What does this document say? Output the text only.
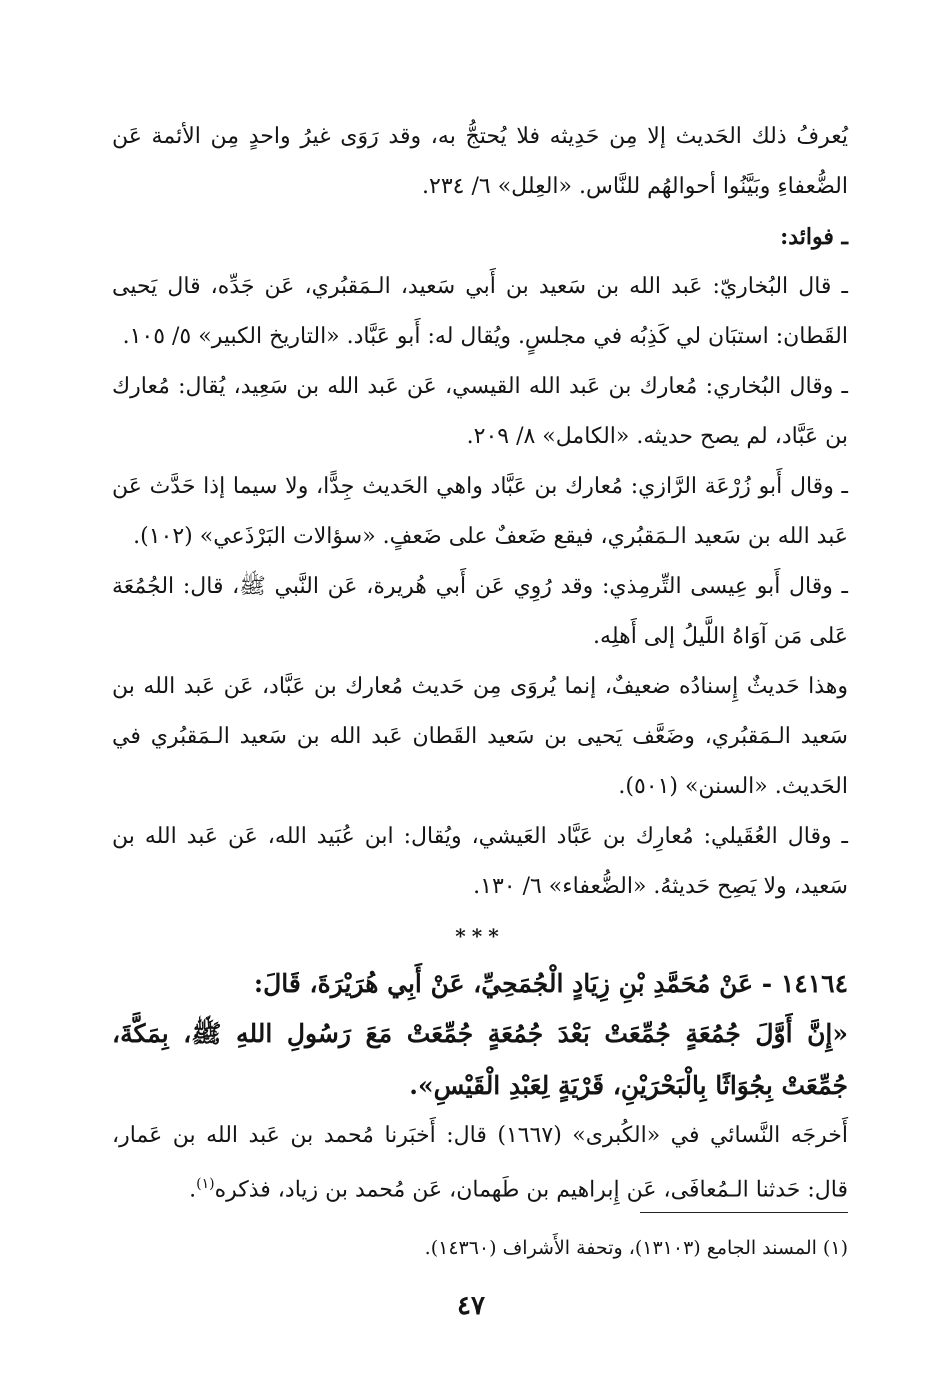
يُعرفُ ذلك الحَديث إلا مِن حَدِيثه فلا يُحتجُّ به، وقد رَوَى غيرُ واحدٍ مِن الأئمة عَن الضُّعفاءِ وبَيَّنُوا أحوالهُم للنَّاس. «العِلل» ٦/ ٢٣٤.

ـ فوائد:

ـ قال البُخاريّ: عَبد الله بن سَعيد بن أَبي سَعيد، الـمَقبُري، عَن جَدِّه، قال يَحيى القَطان: استبَان لي كَذِبُه في مجلسٍ. ويُقال له: أَبو عَبَّاد. «التاريخ الكبير» ٥/ ١٠٥.

ـ وقال البُخاري: مُعارك بن عَبد الله القيسي، عَن عَبد الله بن سَعِيد، يُقال: مُعارك بن عَبَّاد، لم يصح حديثه. «الكامل» ٨/ ٢٠٩.

ـ وقال أَبو زُرْعَة الرَّازي: مُعارك بن عَبَّاد واهي الحَديث جِدًّا، ولا سيما إذا حَدَّث عَن عَبد الله بن سَعيد الـمَقبُري، فيقع ضَعفٌ على ضَعفٍ. «سؤالات البَرْذَعي» (١٠٢).

ـ وقال أَبو عِيسى التِّرمِذي: وقد رُوِي عَن أَبي هُريرة، عَن النَّبي ﷺ، قال: الجُمُعَة عَلى مَن آوَاهُ اللَّيلُ إلى أَهلِه.

وهذا حَديثٌ إِسنادُه ضعيفٌ، إنما يُروَى مِن حَديث مُعارك بن عَبَّاد، عَن عَبد الله بن سَعيد الـمَقبُري، وضَعَّف يَحيى بن سَعيد القَطان عَبد الله بن سَعيد الـمَقبُري في الحَديث. «السنن» (٥٠١).

ـ وقال العُقَيلي: مُعارِك بن عَبَّاد العَيشي، ويُقال: ابن عُبَيد الله، عَن عَبد الله بن سَعيد، ولا يَصِح حَديثهُ. «الضُّعفاء» ٦/ ١٣٠.

***

١٤١٦٤ - عَنْ مُحَمَّدِ بْنِ زِيَادٍ الْجُمَحِيِّ، عَنْ أَبِي هُرَيْرَةَ، قَالَ:

«إِنَّ أَوَّلَ جُمُعَةٍ جُمِّعَتْ بَعْدَ جُمُعَةٍ جُمِّعَتْ مَعَ رَسُولِ اللهِ ﷺ، بِمَكَّةَ، جُمِّعَتْ بِجُوَاثًا بِالْبَحْرَيْنِ، قَرْيَةٍ لِعَبْدِ الْقَيْسِ».

أَخرجَه النَّسائي في «الكُبرى» (١٦٦٧) قال: أَخبَرنا مُحمد بن عَبد الله بن عَمار، قال: حَدثنا الـمُعافَى، عَن إِبراهيم بن طَهمان، عَن مُحمد بن زياد، فذكره$^{(١)}$.

(١) المسند الجامع (١٣١٠٣)، وتحفة الأَشراف (١٤٣٦٠).

٤٧
